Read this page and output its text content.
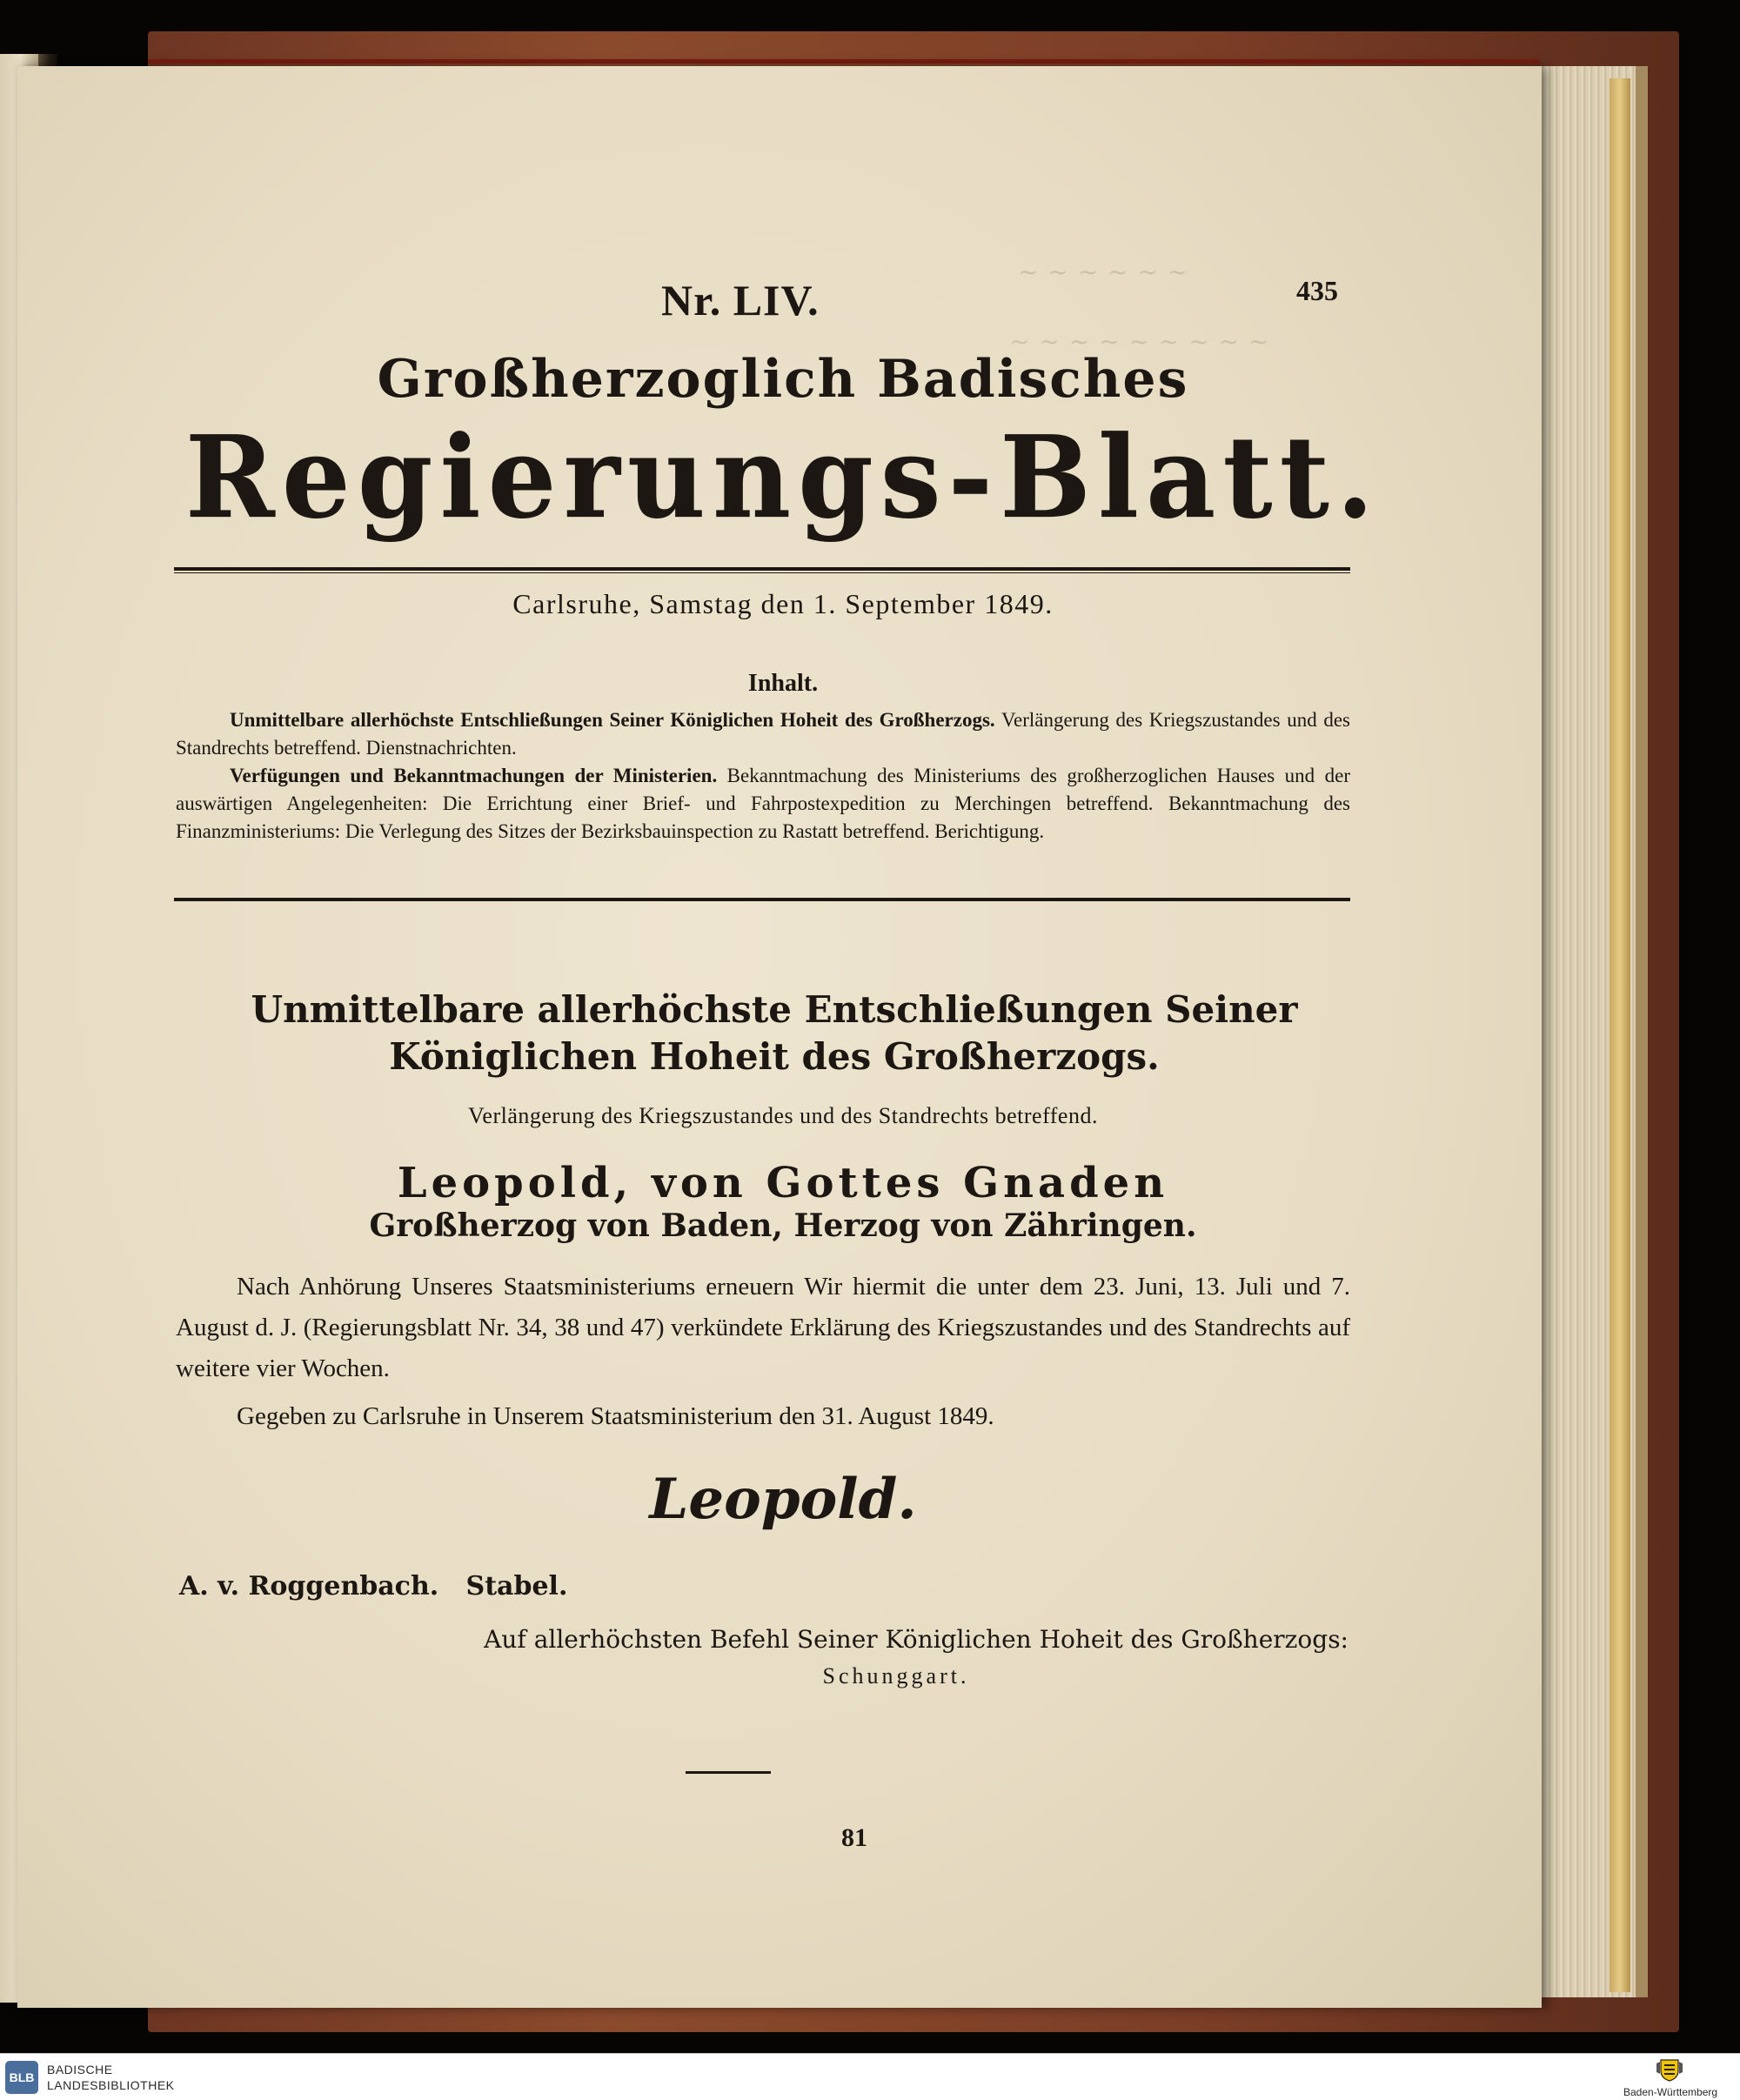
~ ~ ~ ~ ~ ~
~ ~ ~ ~ ~ ~ ~ ~ ~
Nr. LIV.	435
Großherzoglich Badisches
Regierungs-Blatt.
Carlsruhe, Samstag den 1. September 1849.
Inhalt.
Unmittelbare allerhöchste Entschließungen Seiner Königlichen Hoheit des Großherzogs. Verlängerung des Kriegszustandes und des Standrechts betreffend. Dienstnachrichten.
Verfügungen und Bekanntmachungen der Ministerien. Bekanntmachung des Ministeriums des großherzoglichen Hauses und der auswärtigen Angelegenheiten: Die Errichtung einer Brief- und Fahrpostexpedition zu Merchingen betreffend. Bekanntmachung des Finanzministeriums: Die Verlegung des Sitzes der Bezirksbauinspection zu Rastatt betreffend. Berichtigung.
Unmittelbare allerhöchste Entschließungen Seiner Königlichen Hoheit des Großherzogs.
Verlängerung des Kriegszustandes und des Standrechts betreffend.
Leopold, von Gottes Gnaden
Großherzog von Baden, Herzog von Zähringen.
Nach Anhörung Unseres Staatsministeriums erneuern Wir hiermit die unter dem 23. Juni, 13. Juli und 7. August d. J. (Regierungsblatt Nr. 34, 38 und 47) verkündete Erklärung des Kriegszustandes und des Standrechts auf weitere vier Wochen.
Gegeben zu Carlsruhe in Unserem Staatsministerium den 31. August 1849.
Leopold.
A. v. Roggenbach.   Stabel.
Auf allerhöchsten Befehl Seiner Königlichen Hoheit des Großherzogs:
Schunggart.
81
BLB
BADISCHE
LANDESBIBLIOTHEK	Baden-Württemberg
